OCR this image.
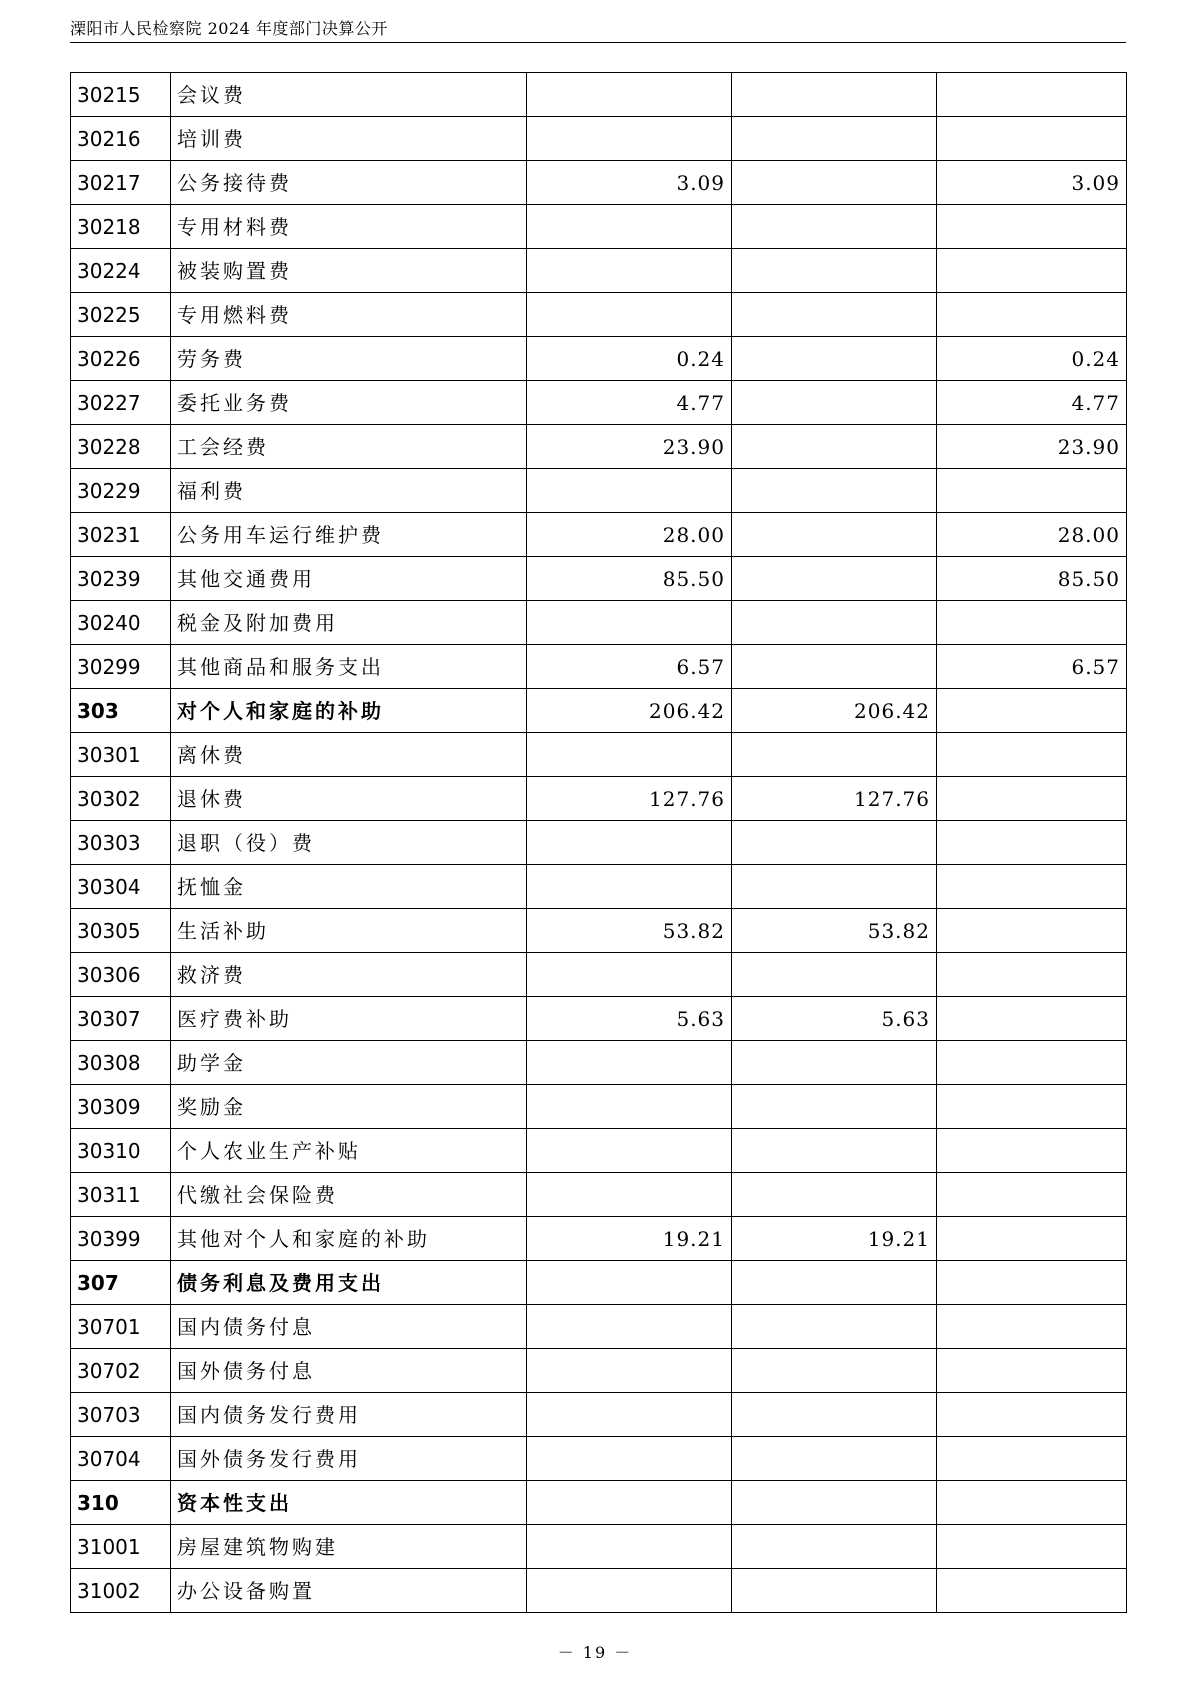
溧阳市人民检察院 2024 年度部门决算公开
30215	会议费			
30216	培训费			
30217	公务接待费	3.09		3.09
30218	专用材料费			
30224	被装购置费			
30225	专用燃料费			
30226	劳务费	0.24		0.24
30227	委托业务费	4.77		4.77
30228	工会经费	23.90		23.90
30229	福利费			
30231	公务用车运行维护费	28.00		28.00
30239	其他交通费用	85.50		85.50
30240	税金及附加费用			
30299	其他商品和服务支出	6.57		6.57
303	对个人和家庭的补助	206.42	206.42	
30301	离休费			
30302	退休费	127.76	127.76	
30303	退职（役）费			
30304	抚恤金			
30305	生活补助	53.82	53.82	
30306	救济费			
30307	医疗费补助	5.63	5.63	
30308	助学金			
30309	奖励金			
30310	个人农业生产补贴			
30311	代缴社会保险费			
30399	其他对个人和家庭的补助	19.21	19.21	
307	债务利息及费用支出			
30701	国内债务付息			
30702	国外债务付息			
30703	国内债务发行费用			
30704	国外债务发行费用			
310	资本性支出			
31001	房屋建筑物购建			
31002	办公设备购置			
－ 19 －
